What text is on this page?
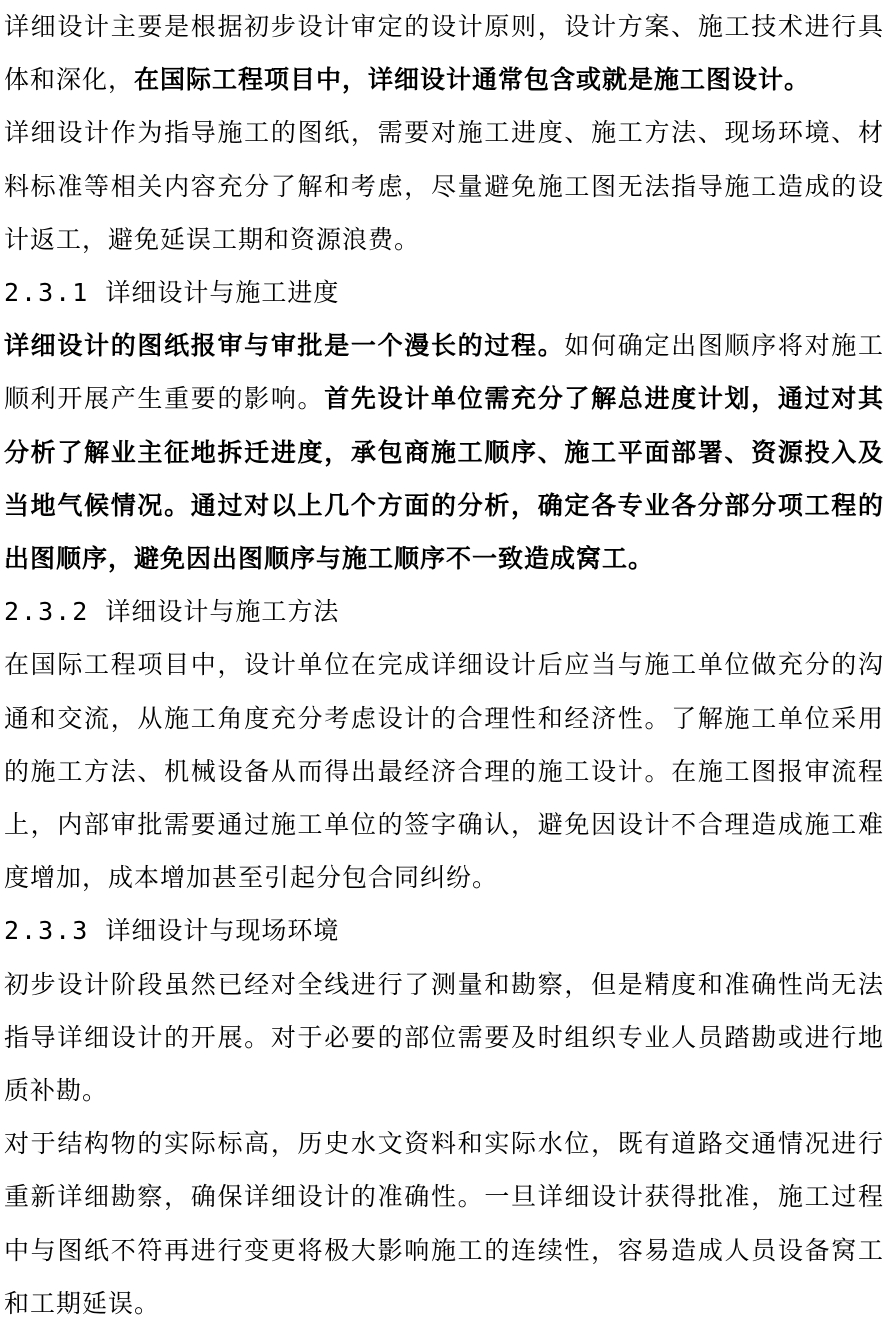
详细设计主要是根据初步设计审定的设计原则，设计方案、施工技术进行具体和深化，在国际工程项目中，详细设计通常包含或就是施工图设计。

详细设计作为指导施工的图纸，需要对施工进度、施工方法、现场环境、材料标准等相关内容充分了解和考虑，尽量避免施工图无法指导施工造成的设计返工，避免延误工期和资源浪费。

2.3.1 详细设计与施工进度

详细设计的图纸报审与审批是一个漫长的过程。如何确定出图顺序将对施工顺利开展产生重要的影响。首先设计单位需充分了解总进度计划，通过对其分析了解业主征地拆迁进度，承包商施工顺序、施工平面部署、资源投入及当地气候情况。通过对以上几个方面的分析，确定各专业各分部分项工程的出图顺序，避免因出图顺序与施工顺序不一致造成窝工。

2.3.2 详细设计与施工方法

在国际工程项目中，设计单位在完成详细设计后应当与施工单位做充分的沟通和交流，从施工角度充分考虑设计的合理性和经济性。了解施工单位采用的施工方法、机械设备从而得出最经济合理的施工设计。在施工图报审流程上，内部审批需要通过施工单位的签字确认，避免因设计不合理造成施工难度增加，成本增加甚至引起分包合同纠纷。

2.3.3 详细设计与现场环境

初步设计阶段虽然已经对全线进行了测量和勘察，但是精度和准确性尚无法指导详细设计的开展。对于必要的部位需要及时组织专业人员踏勘或进行地质补勘。

对于结构物的实际标高，历史水文资料和实际水位，既有道路交通情况进行重新详细勘察，确保详细设计的准确性。一旦详细设计获得批准，施工过程中与图纸不符再进行变更将极大影响施工的连续性，容易造成人员设备窝工和工期延误。
